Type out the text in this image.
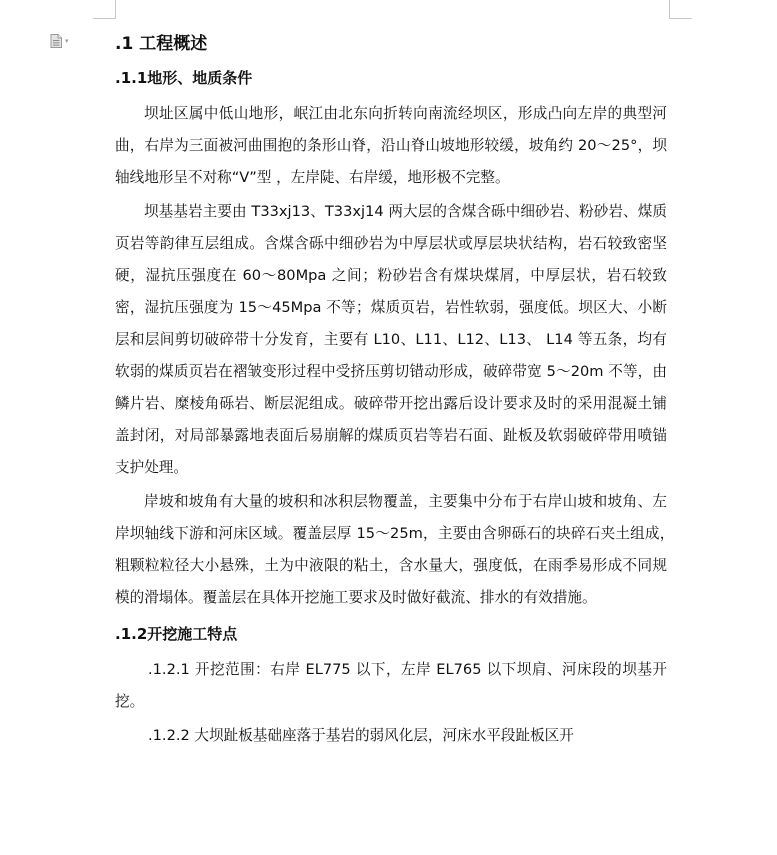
▾	.1 工程概述
.1.1地形、地质条件

坝址区属中低山地形，岷江由北东向折转向南流经坝区，形成凸向左岸的典型河曲，右岸为三面被河曲围抱的条形山脊，沿山脊山坡地形较缓，坡角约 20～25°，坝轴线地形呈不对称“V”型 ，左岸陡、右岸缓，地形极不完整。

坝基基岩主要由 T33xj13、T33xj14 两大层的含煤含砾中细砂岩、粉砂岩、煤质页岩等韵律互层组成。含煤含砾中细砂岩为中厚层状或厚层块状结构，岩石较致密坚硬，湿抗压强度在 60～80Mpa 之间；粉砂岩含有煤块煤屑，中厚层状，岩石较致密，湿抗压强度为 15～45Mpa 不等；煤质页岩，岩性软弱，强度低。坝区大、小断层和层间剪切破碎带十分发育，主要有 L10、L11、L12、L13、 L14 等五条，均有软弱的煤质页岩在褶皱变形过程中受挤压剪切错动形成，破碎带宽 5～20m 不等，由鳞片岩、糜棱角砾岩、断层泥组成。破碎带开挖出露后设计要求及时的采用混凝土铺盖封闭，对局部暴露地表面后易崩解的煤质页岩等岩石面、趾板及软弱破碎带用喷锚支护处理。

岸坡和坡角有大量的坡积和冰积层物覆盖，主要集中分布于右岸山坡和坡角、左岸坝轴线下游和河床区域。覆盖层厚 15～25m，主要由含卵砾石的块碎石夹土组成，　粗颗粒粒径大小悬殊，土为中液限的粘土，含水量大，强度低，在雨季易形成不同规模的滑塌体。覆盖层在具体开挖施工要求及时做好截流、排水的有效措施。

.1.2开挖施工特点

.1.2.1 开挖范围：右岸 EL775 以下，左岸 EL765 以下坝肩、河床段的坝基开挖。

.1.2.2 大坝趾板基础座落于基岩的弱风化层，河床水平段趾板区开
